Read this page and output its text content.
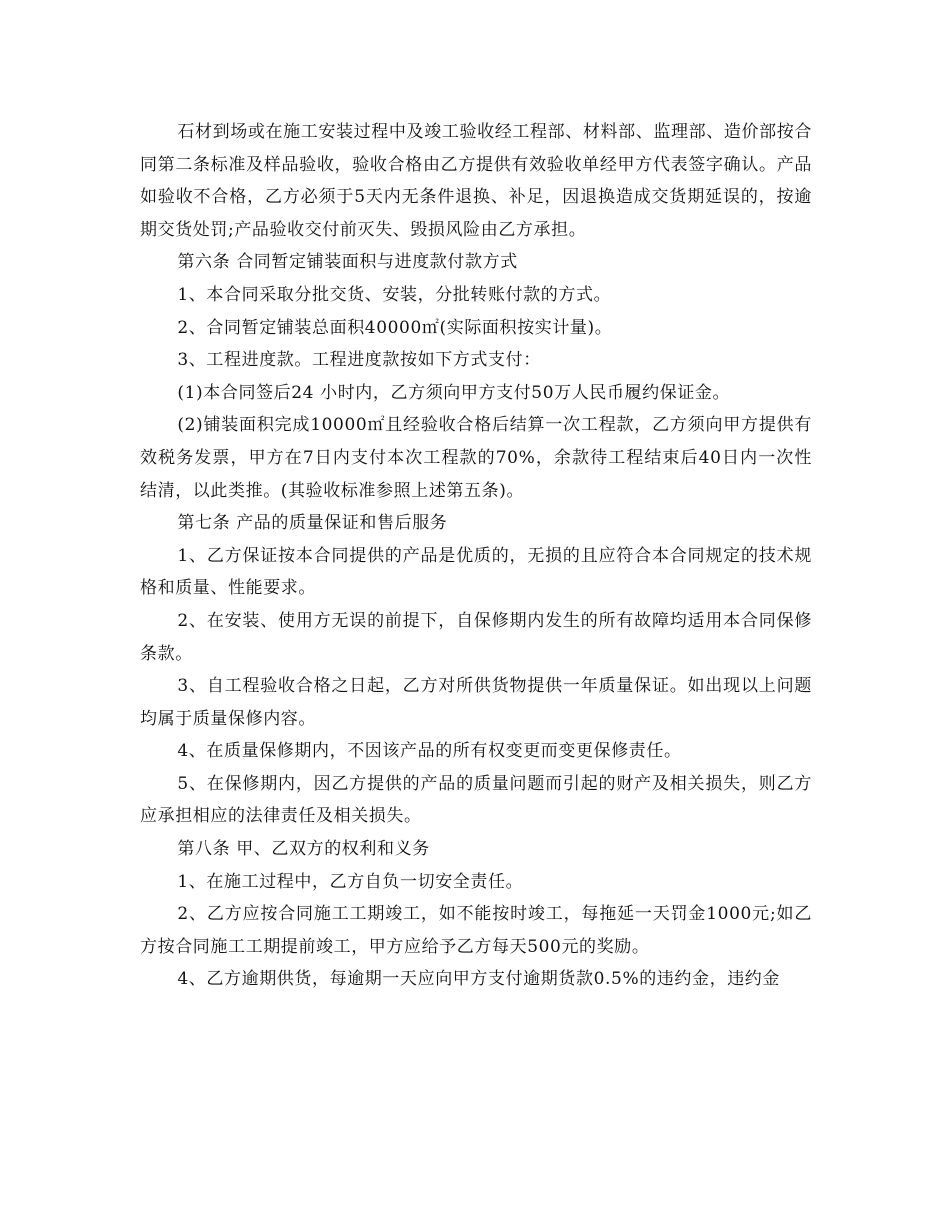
石材到场或在施工安装过程中及竣工验收经工程部、材料部、监理部、造价部按合同第二条标准及样品验收，验收合格由乙方提供有效验收单经甲方代表签字确认。产品如验收不合格，乙方必须于5天内无条件退换、补足，因退换造成交货期延误的，按逾期交货处罚;产品验收交付前灭失、毁损风险由乙方承担。

第六条 合同暂定铺装面积与进度款付款方式

1、本合同采取分批交货、安装，分批转账付款的方式。

2、合同暂定铺装总面积40000㎡(实际面积按实计量)。

3、工程进度款。工程进度款按如下方式支付：

(1)本合同签后24 小时内，乙方须向甲方支付50万人民币履约保证金。

(2)铺装面积完成10000㎡且经验收合格后结算一次工程款，乙方须向甲方提供有效税务发票，甲方在7日内支付本次工程款的70%，余款待工程结束后40日内一次性结清，以此类推。(其验收标准参照上述第五条)。

第七条 产品的质量保证和售后服务

1、乙方保证按本合同提供的产品是优质的，无损的且应符合本合同规定的技术规格和质量、性能要求。

2、在安装、使用方无误的前提下，自保修期内发生的所有故障均适用本合同保修条款。

3、自工程验收合格之日起，乙方对所供货物提供一年质量保证。如出现以上问题均属于质量保修内容。

4、在质量保修期内，不因该产品的所有权变更而变更保修责任。

5、在保修期内，因乙方提供的产品的质量问题而引起的财产及相关损失，则乙方应承担相应的法律责任及相关损失。

第八条 甲、乙双方的权利和义务

1、在施工过程中，乙方自负一切安全责任。

2、乙方应按合同施工工期竣工，如不能按时竣工，每拖延一天罚金1000元;如乙方按合同施工工期提前竣工，甲方应给予乙方每天500元的奖励。

4、乙方逾期供货，每逾期一天应向甲方支付逾期货款0.5%的违约金，违约金
